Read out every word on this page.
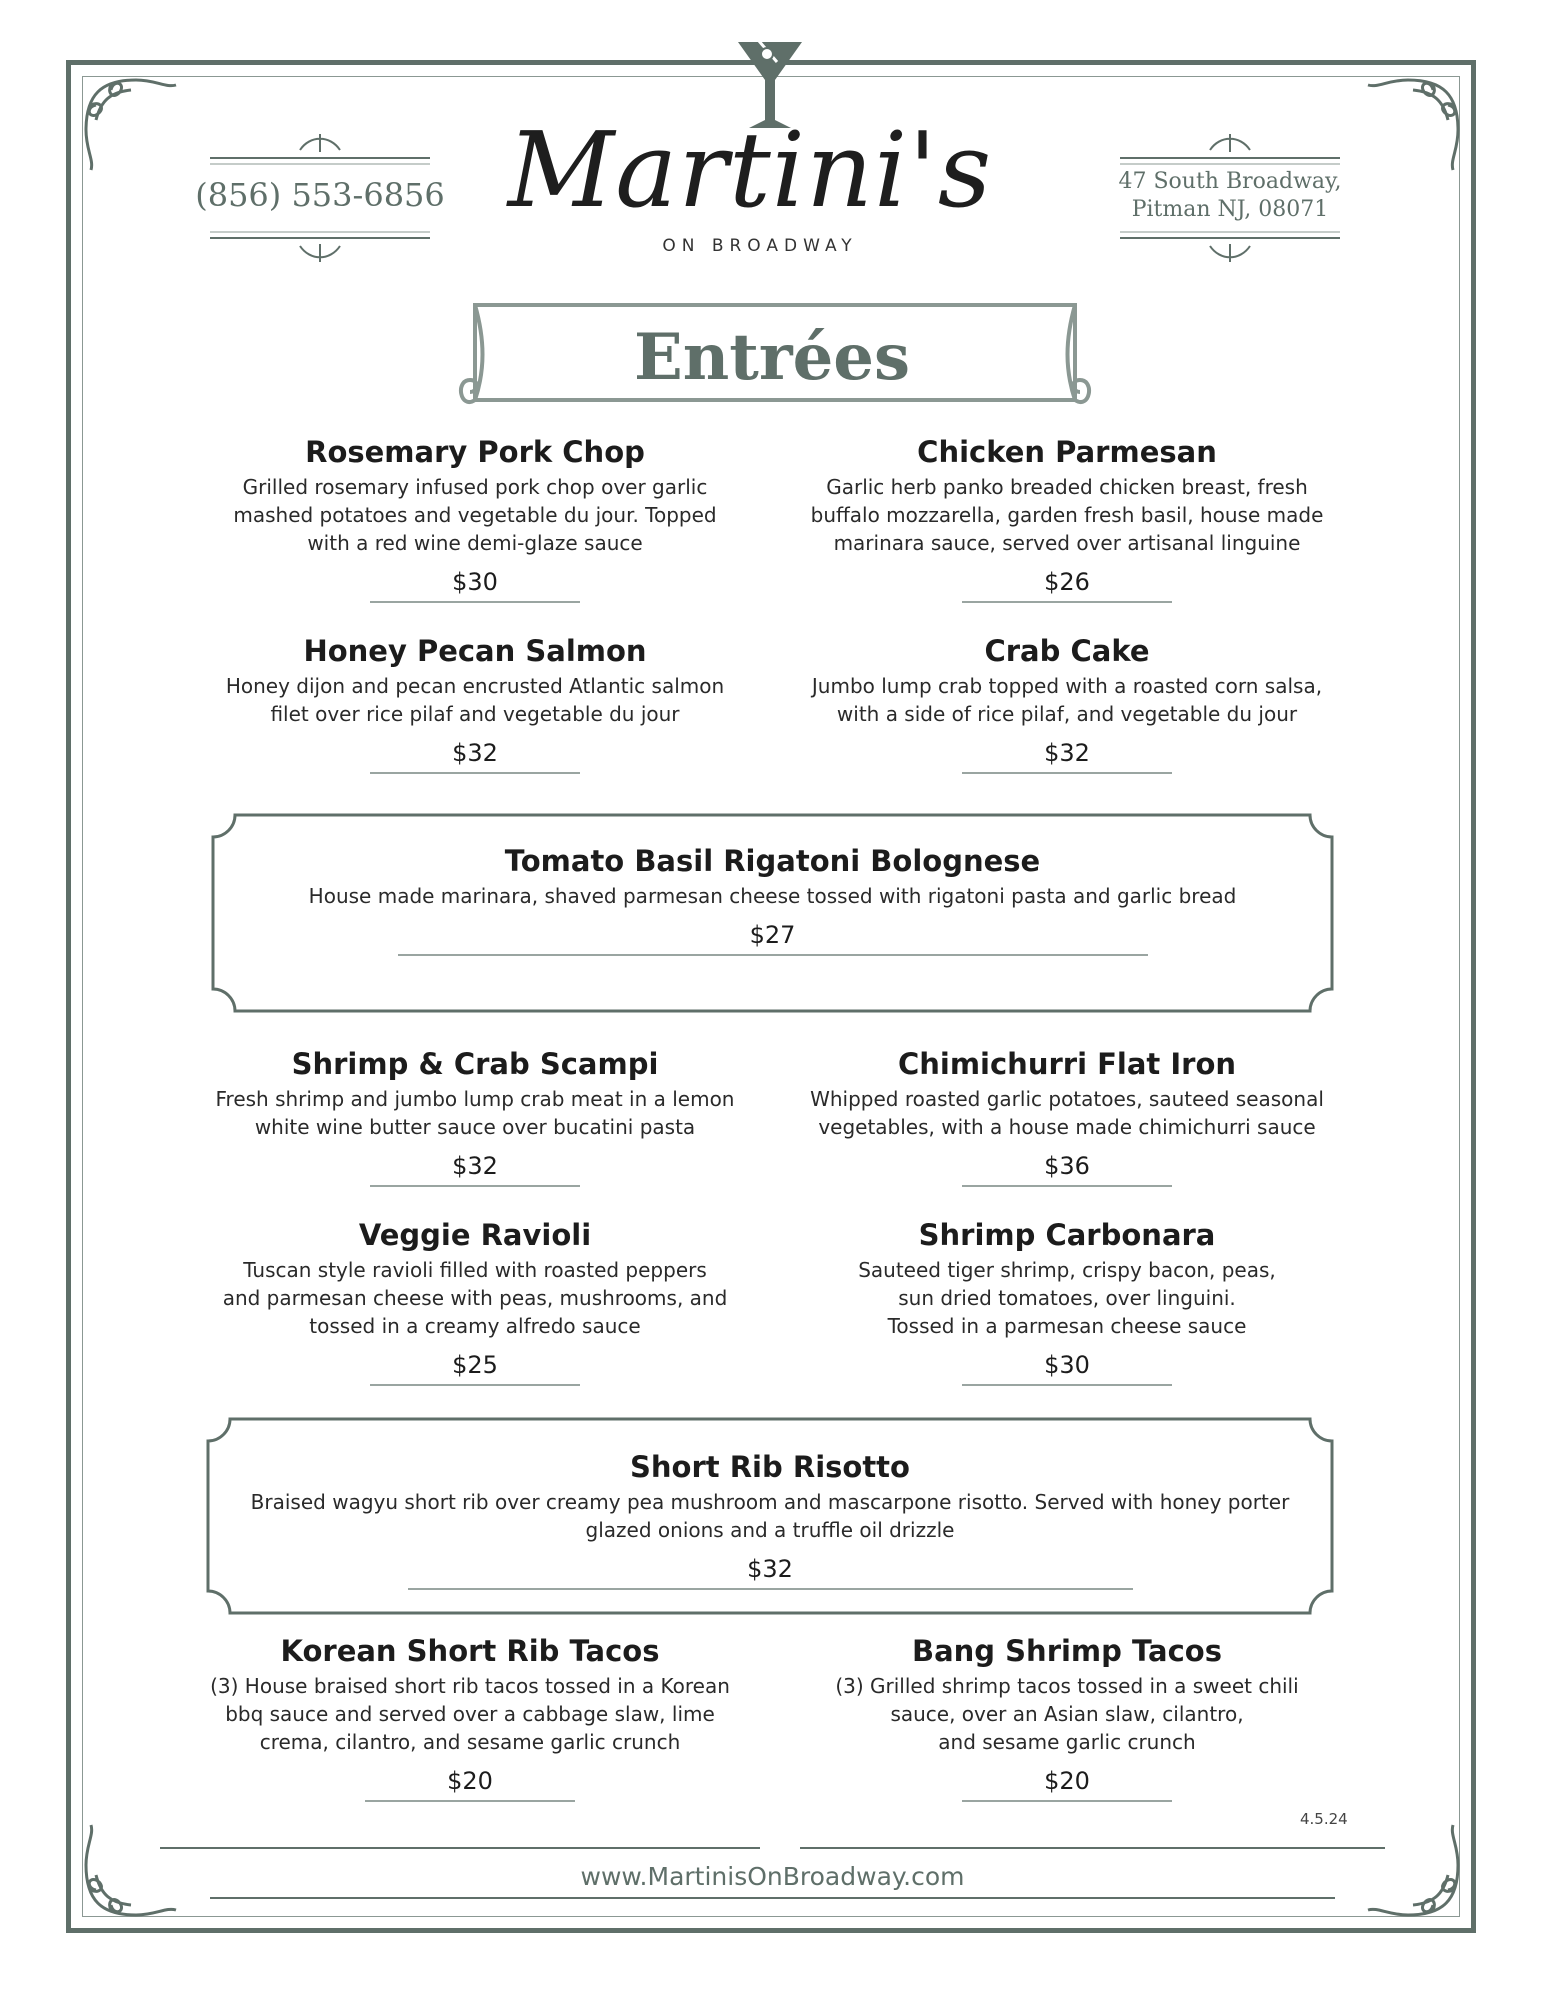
(856) 553-6856	47 South Broadway,
Pitman NJ, 08071
Martini's
ON BROADWAY
Entrées
Rosemary Pork Chop
Grilled rosemary infused pork chop over garlic
mashed potatoes and vegetable du jour. Topped
with a red wine demi-glaze sauce
$30
Chicken Parmesan
Garlic herb panko breaded chicken breast, fresh
buffalo mozzarella, garden fresh basil, house made
marinara sauce, served over artisanal linguine
$26
Honey Pecan Salmon
Honey dijon and pecan encrusted Atlantic salmon
filet over rice pilaf and vegetable du jour
$32
Crab Cake
Jumbo lump crab topped with a roasted corn salsa,
with a side of rice pilaf, and vegetable du jour
$32
Tomato Basil Rigatoni Bolognese
House made marinara, shaved parmesan cheese tossed with rigatoni pasta and garlic bread
$27
Shrimp & Crab Scampi
Fresh shrimp and jumbo lump crab meat in a lemon
white wine butter sauce over bucatini pasta
$32
Chimichurri Flat Iron
Whipped roasted garlic potatoes, sauteed seasonal
vegetables, with a house made chimichurri sauce
$36
Veggie Ravioli
Tuscan style ravioli filled with roasted peppers
and parmesan cheese with peas, mushrooms, and
tossed in a creamy alfredo sauce
$25
Shrimp Carbonara
Sauteed tiger shrimp, crispy bacon, peas,
sun dried tomatoes, over linguini.
Tossed in a parmesan cheese sauce
$30
Short Rib Risotto
Braised wagyu short rib over creamy pea mushroom and mascarpone risotto. Served with honey porter
glazed onions and a truffle oil drizzle
$32
Korean Short Rib Tacos
(3) House braised short rib tacos tossed in a Korean
bbq sauce and served over a cabbage slaw, lime
crema, cilantro, and sesame garlic crunch
$20
Bang Shrimp Tacos
(3) Grilled shrimp tacos tossed in a sweet chili
sauce, over an Asian slaw, cilantro,
and sesame garlic crunch
$20
4.5.24
www.MartinisOnBroadway.com
